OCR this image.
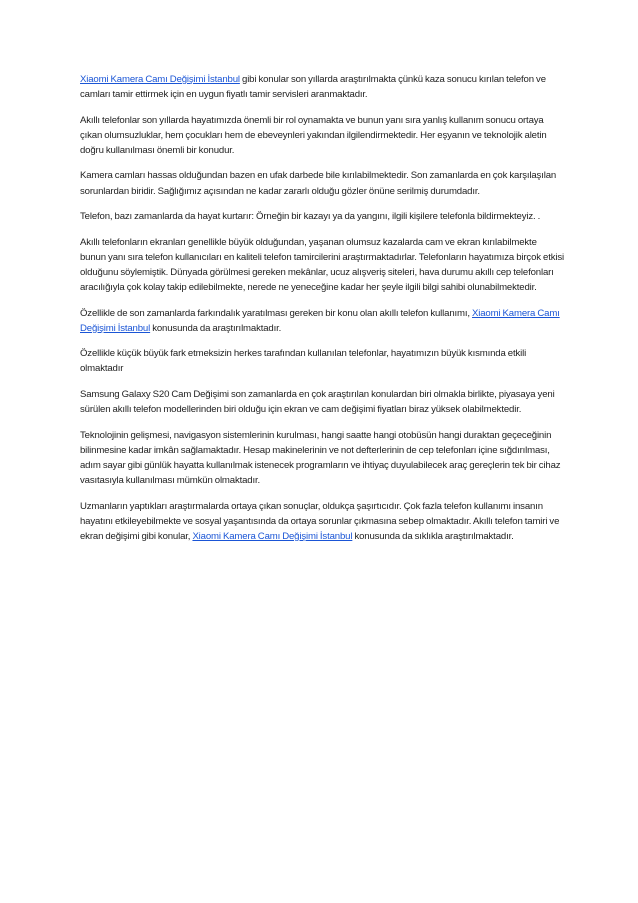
Xiaomi Kamera Camı Değişimi İstanbul gibi konular son yıllarda araştırılmakta çünkü kaza sonucu kırılan telefon ve camları tamir ettirmek için en uygun fiyatlı tamir servisleri aranmaktadır.

Akıllı telefonlar son yıllarda hayatımızda önemli bir rol oynamakta ve bunun yanı sıra yanlış kullanım sonucu ortaya çıkan olumsuzluklar, hem çocukları hem de ebeveynleri yakından ilgilendirmektedir. Her eşyanın ve teknolojik aletin doğru kullanılması önemli bir konudur.

Kamera camları hassas olduğundan bazen en ufak darbede bile kırılabilmektedir. Son zamanlarda en çok karşılaşılan sorunlardan biridir. Sağlığımız açısından ne kadar zararlı olduğu gözler önüne serilmiş durumdadır.

Telefon, bazı zamanlarda da hayat kurtarır: Örneğin bir kazayı ya da yangını, ilgili kişilere telefonla bildirmekteyiz. .

Akıllı telefonların ekranları genellikle büyük olduğundan, yaşanan olumsuz kazalarda cam ve ekran kırılabilmekte bunun yanı sıra telefon kullanıcıları en kaliteli telefon tamircilerini araştırmaktadırlar. Telefonların hayatımıza birçok etkisi olduğunu söylemiştik. Dünyada görülmesi gereken mekânlar, ucuz alışveriş siteleri, hava durumu akıllı cep telefonları aracılığıyla çok kolay takip edilebilmekte, nerede ne yeneceğine kadar her şeyle ilgili bilgi sahibi olunabilmektedir.

Özellikle de son zamanlarda farkındalık yaratılması gereken bir konu olan akıllı telefon kullanımı, Xiaomi Kamera Camı Değişimi İstanbul konusunda da araştırılmaktadır.

Özellikle küçük büyük fark etmeksizin herkes tarafından kullanılan telefonlar, hayatımızın büyük kısmında etkili olmaktadır

Samsung Galaxy S20 Cam Değişimi son zamanlarda en çok araştırılan konulardan biri olmakla birlikte, piyasaya yeni sürülen akıllı telefon modellerinden biri olduğu için ekran ve cam değişimi fiyatları biraz yüksek olabilmektedir.

Teknolojinin gelişmesi, navigasyon sistemlerinin kurulması, hangi saatte hangi otobüsün hangi duraktan geçeceğinin bilinmesine kadar imkân sağlamaktadır. Hesap makinelerinin ve not defterlerinin de cep telefonları içine sığdırılması, adım sayar gibi günlük hayatta kullanılmak istenecek programların ve ihtiyaç duyulabilecek araç gereçlerin tek bir cihaz vasıtasıyla kullanılması mümkün olmaktadır.

Uzmanların yaptıkları araştırmalarda ortaya çıkan sonuçlar, oldukça şaşırtıcıdır. Çok fazla telefon kullanımı insanın hayatını etkileyebilmekte ve sosyal yaşantısında da ortaya sorunlar çıkmasına sebep olmaktadır. Akıllı telefon tamiri ve ekran değişimi gibi konular, Xiaomi Kamera Camı Değişimi İstanbul konusunda da sıklıkla araştırılmaktadır.
